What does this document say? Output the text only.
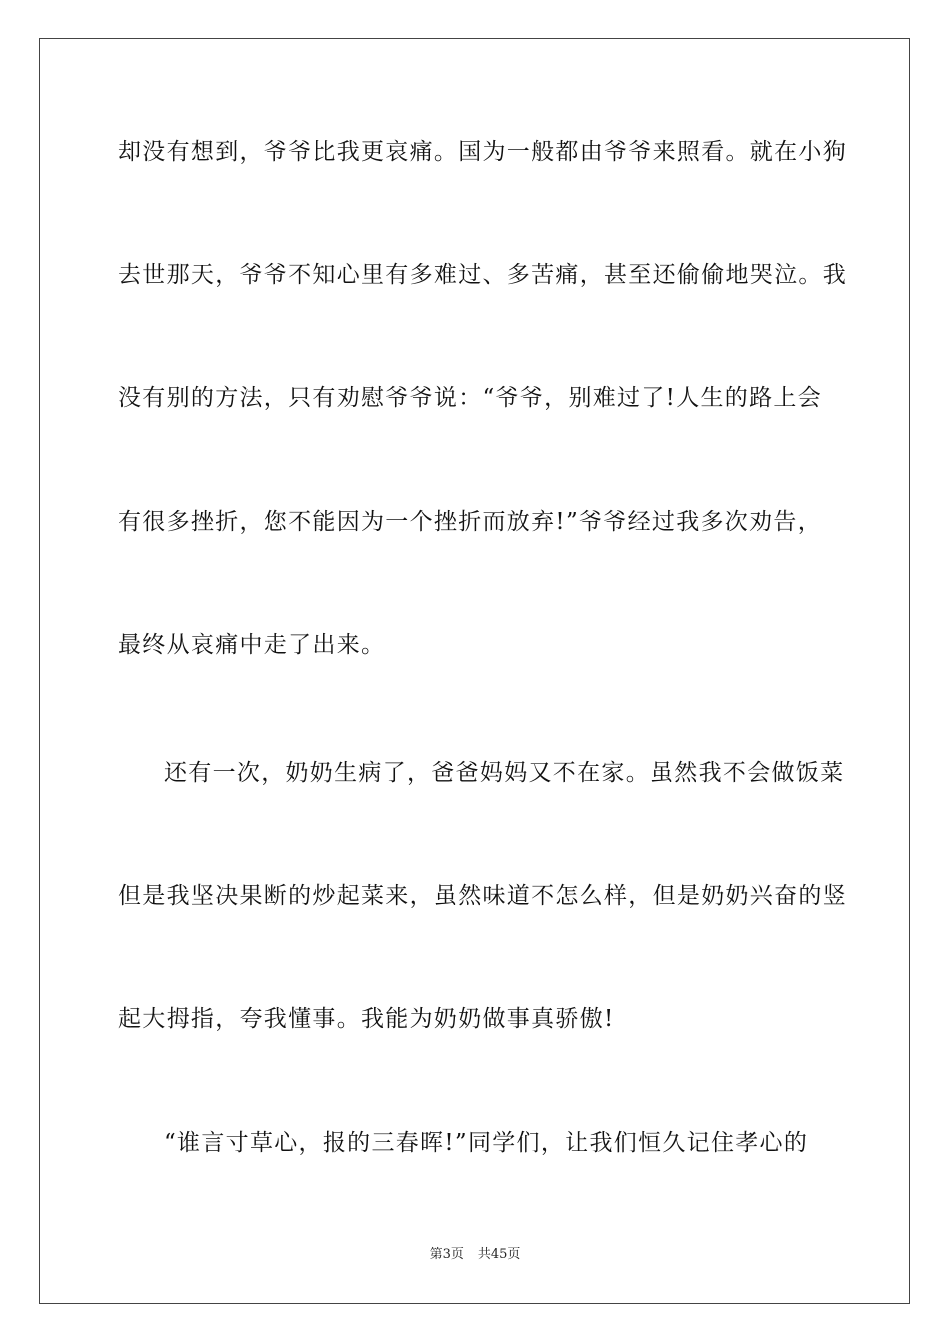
却没有想到，爷爷比我更哀痛。国为一般都由爷爷来照看。就在小狗
去世那天，爷爷不知心里有多难过、多苦痛，甚至还偷偷地哭泣。我
没有别的方法，只有劝慰爷爷说：“爷爷，别难过了!人生的路上会
有很多挫折，您不能因为一个挫折而放弃!”爷爷经过我多次劝告，
最终从哀痛中走了出来。
还有一次，奶奶生病了，爸爸妈妈又不在家。虽然我不会做饭菜
但是我坚决果断的炒起菜来，虽然味道不怎么样，但是奶奶兴奋的竖
起大拇指，夸我懂事。我能为奶奶做事真骄傲!
“谁言寸草心，报的三春晖!”同学们，让我们恒久记住孝心的
第3页 共45页
